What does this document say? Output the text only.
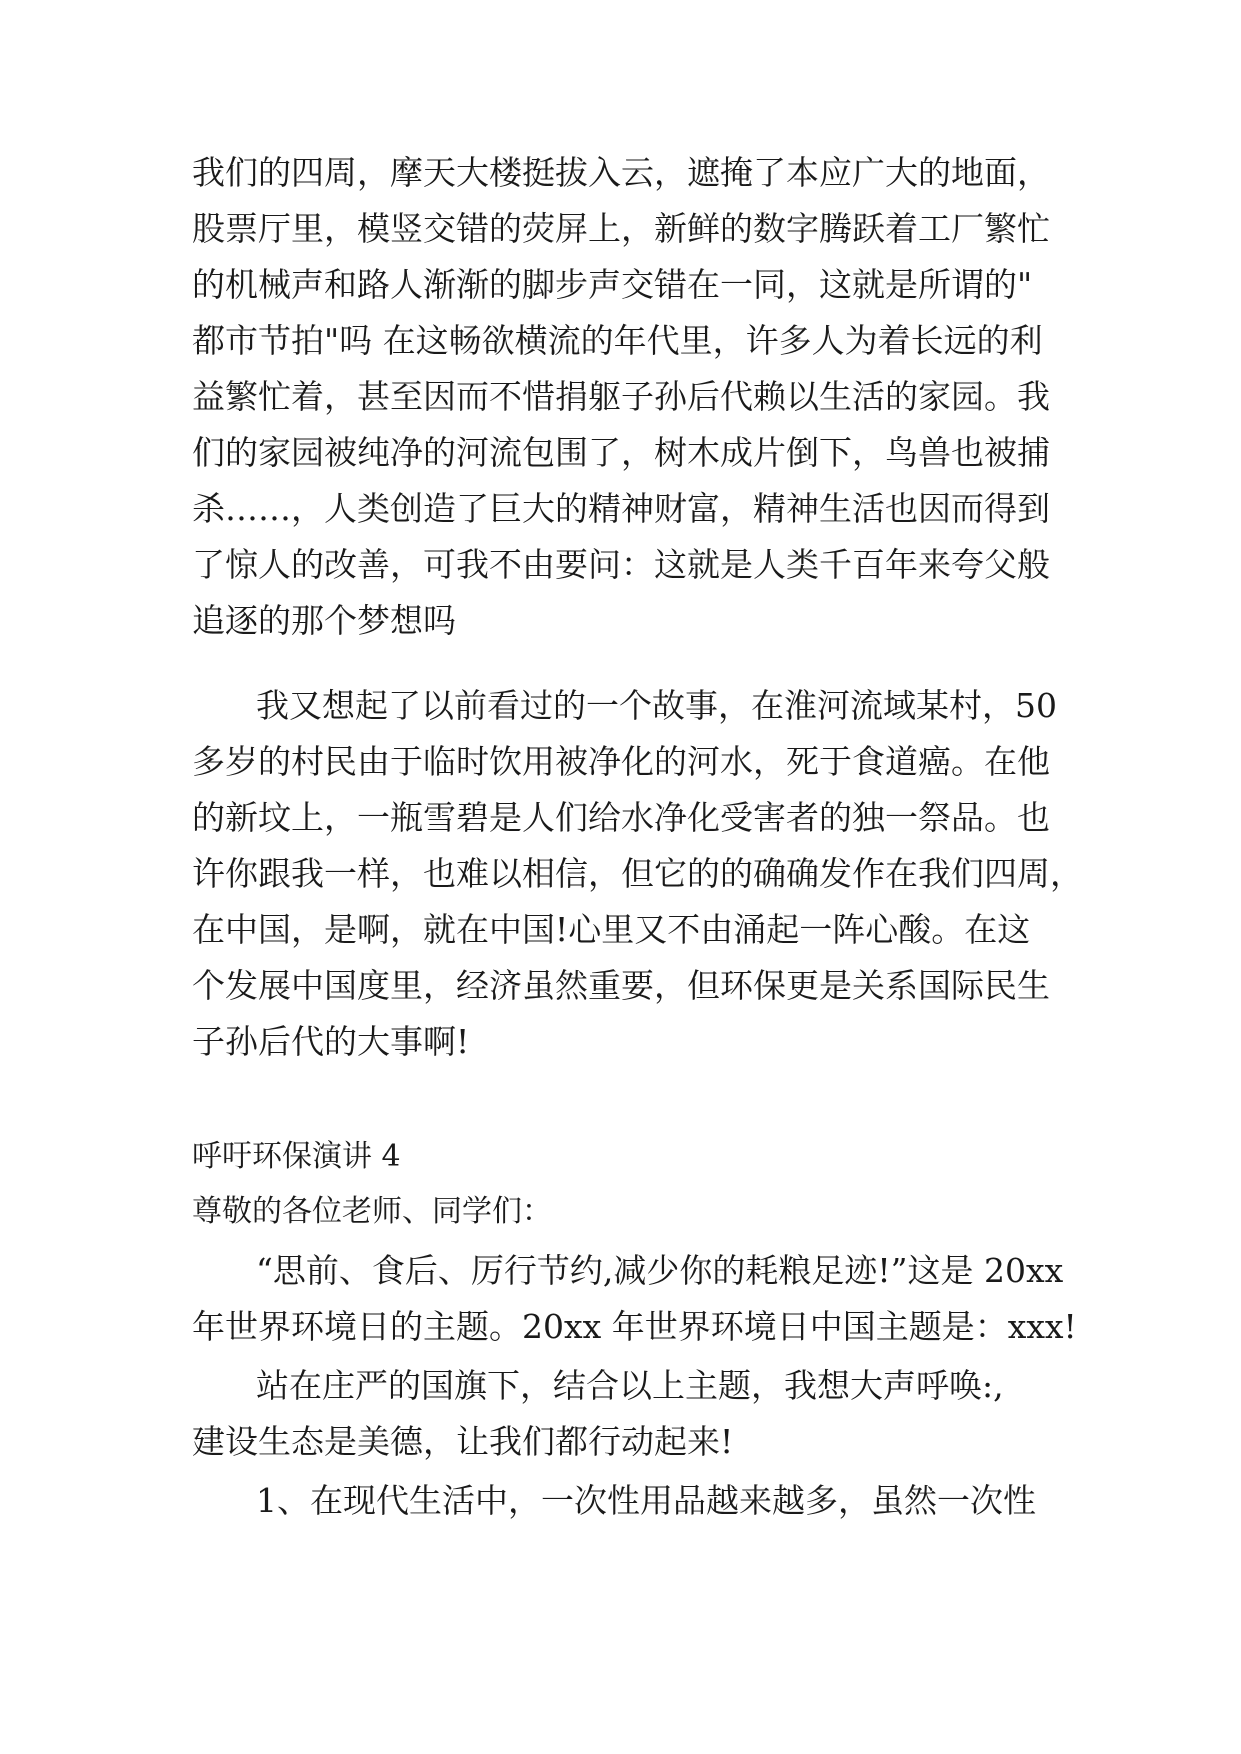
我们的四周，摩天大楼挺拔入云，遮掩了本应广大的地面，
股票厅里，模竖交错的荧屏上，新鲜的数字腾跃着工厂繁忙
的机械声和路人渐渐的脚步声交错在一同，这就是所谓的"
都市节拍"吗 在这畅欲横流的年代里，许多人为着长远的利
益繁忙着，甚至因而不惜捐躯子孙后代赖以生活的家园。我
们的家园被纯净的河流包围了，树木成片倒下，鸟兽也被捕
杀……，人类创造了巨大的精神财富，精神生活也因而得到
了惊人的改善，可我不由要问：这就是人类千百年来夸父般
追逐的那个梦想吗
我又想起了以前看过的一个故事，在淮河流域某村，50
多岁的村民由于临时饮用被净化的河水，死于食道癌。在他
的新坟上，一瓶雪碧是人们给水净化受害者的独一祭品。也
许你跟我一样，也难以相信，但它的的确确发作在我们四周，
在中国，是啊，就在中国!心里又不由涌起一阵心酸。在这
个发展中国度里，经济虽然重要，但环保更是关系国际民生
子孙后代的大事啊!
呼吁环保演讲 4
尊敬的各位老师、同学们：
“思前、食后、厉行节约,减少你的耗粮足迹!”这是 20xx
年世界环境日的主题。20xx 年世界环境日中国主题是：xxx!
站在庄严的国旗下，结合以上主题，我想大声呼唤:,
建设生态是美德，让我们都行动起来!
1、在现代生活中，一次性用品越来越多，虽然一次性
